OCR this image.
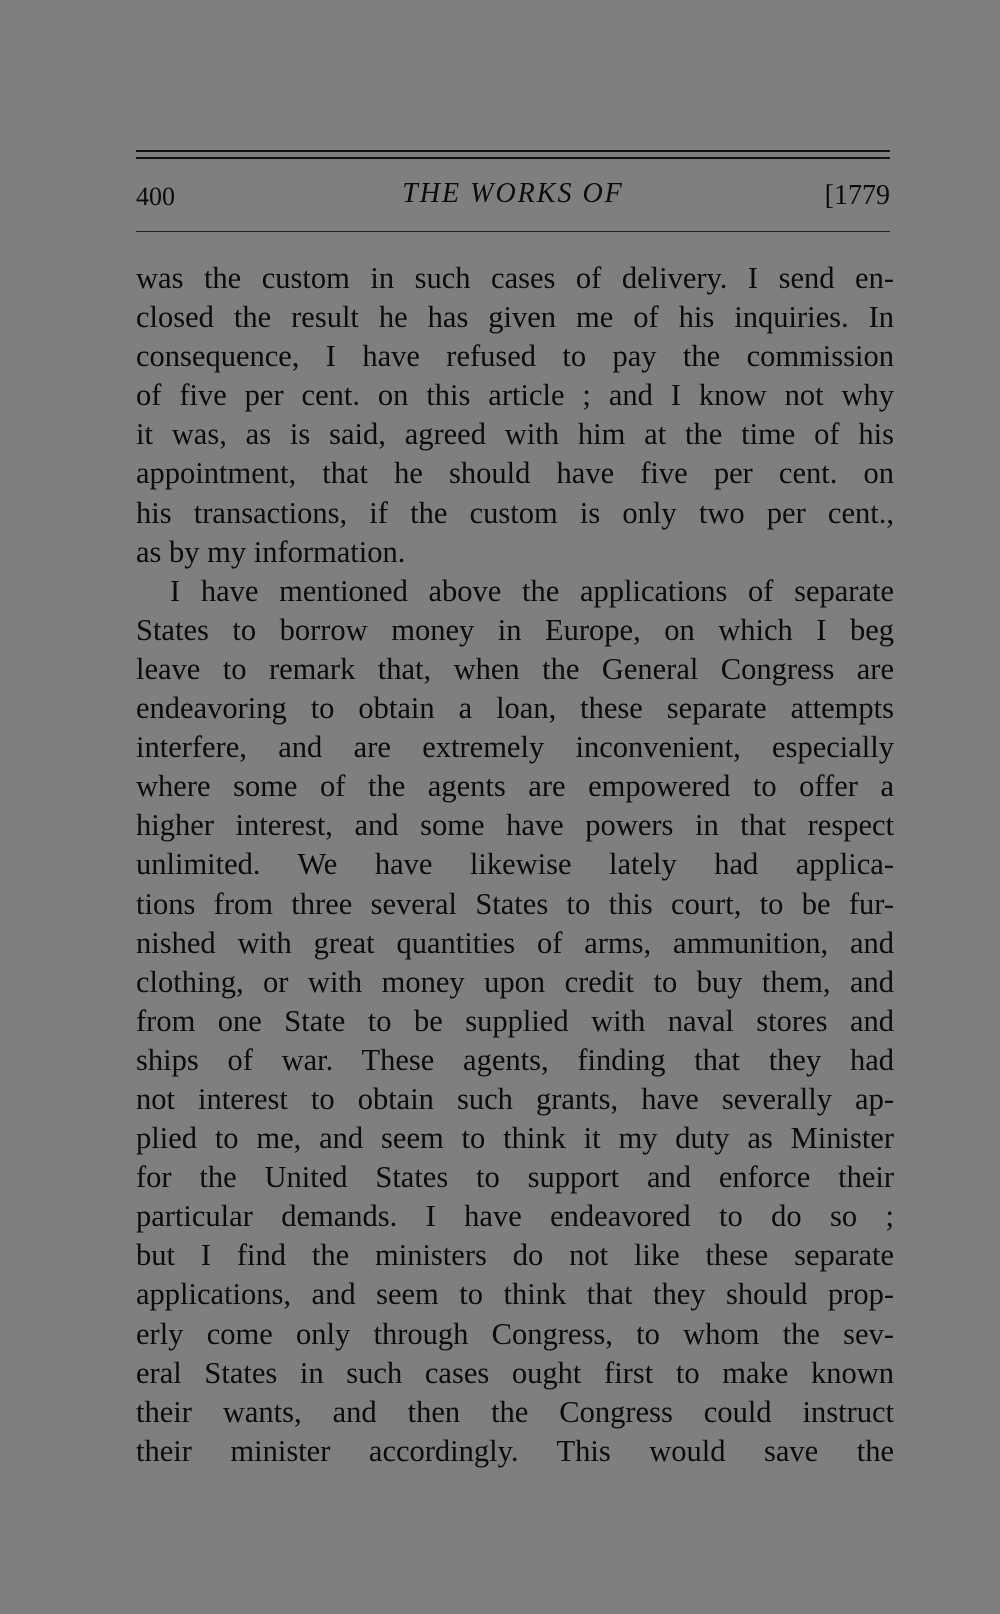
400	THE WORKS OF	[1779
was the custom in such cases of delivery. I send en-
closed the result he has given me of his inquiries. In
consequence, I have refused to pay the commission
of five per cent. on this article ; and I know not why
it was, as is said, agreed with him at the time of his
appointment, that he should have five per cent. on
his transactions, if the custom is only two per cent.,
as by my information.
I have mentioned above the applications of separate
States to borrow money in Europe, on which I beg
leave to remark that, when the General Congress are
endeavoring to obtain a loan, these separate attempts
interfere, and are extremely inconvenient, especially
where some of the agents are empowered to offer a
higher interest, and some have powers in that respect
unlimited. We have likewise lately had applica-
tions from three several States to this court, to be fur-
nished with great quantities of arms, ammunition, and
clothing, or with money upon credit to buy them, and
from one State to be supplied with naval stores and
ships of war. These agents, finding that they had
not interest to obtain such grants, have severally ap-
plied to me, and seem to think it my duty as Minister
for the United States to support and enforce their
particular demands. I have endeavored to do so ;
but I find the ministers do not like these separate
applications, and seem to think that they should prop-
erly come only through Congress, to whom the sev-
eral States in such cases ought first to make known
their wants, and then the Congress could instruct
their minister accordingly. This would save the
